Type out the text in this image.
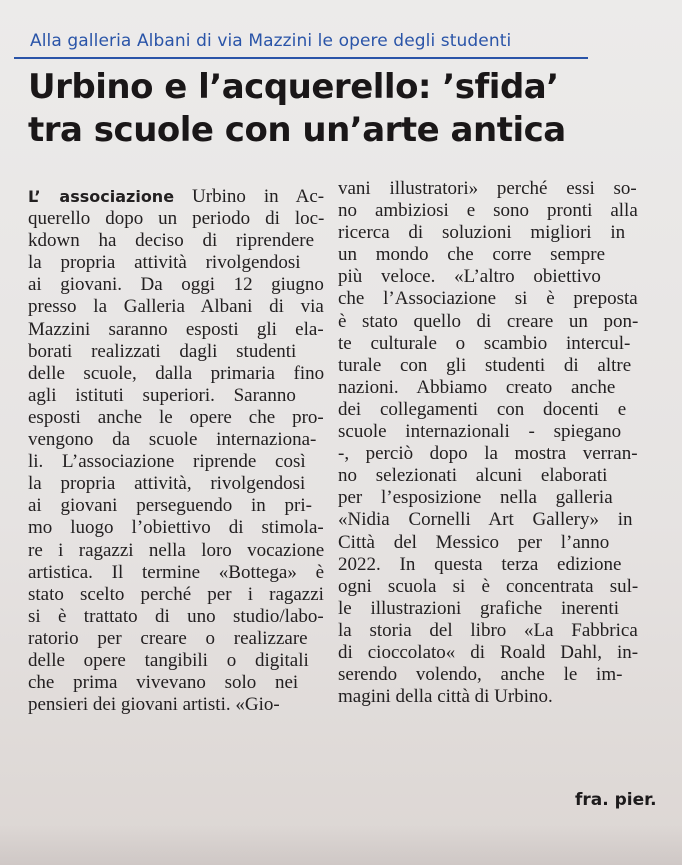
Alla galleria Albani di via Mazzini le opere degli studenti
Urbino e l’acquerello: ’sfida’
tra scuole con un’arte antica
L’ associazione Urbino in Ac-
querello dopo un periodo di loc-
kdown ha deciso di riprendere
la propria attività rivolgendosi
ai giovani. Da oggi 12 giugno
presso la Galleria Albani di via
Mazzini saranno esposti gli ela-
borati realizzati dagli studenti
delle scuole, dalla primaria fino
agli istituti superiori. Saranno
esposti anche le opere che pro-
vengono da scuole internaziona-
li. L’associazione riprende così
la propria attività, rivolgendosi
ai giovani perseguendo in pri-
mo luogo l’obiettivo di stimola-
re i ragazzi nella loro vocazione
artistica. Il termine «Bottega» è
stato scelto perché per i ragazzi
si è trattato di uno studio/labo-
ratorio per creare o realizzare
delle opere tangibili o digitali
che prima vivevano solo nei
pensieri dei giovani artisti. «Gio-
vani illustratori» perché essi so-
no ambiziosi e sono pronti alla
ricerca di soluzioni migliori in
un mondo che corre sempre
più veloce. «L’altro obiettivo
che l’Associazione si è preposta
è stato quello di creare un pon-
te culturale o scambio intercul-
turale con gli studenti di altre
nazioni. Abbiamo creato anche
dei collegamenti con docenti e
scuole internazionali - spiegano
-, perciò dopo la mostra verran-
no selezionati alcuni elaborati
per l’esposizione nella galleria
«Nidia Cornelli Art Gallery» in
Città del Messico per l’anno
2022. In questa terza edizione
ogni scuola si è concentrata sul-
le illustrazioni grafiche inerenti
la storia del libro «La Fabbrica
di cioccolato« di Roald Dahl, in-
serendo volendo, anche le im-
magini della città di Urbino.
fra. pier.
